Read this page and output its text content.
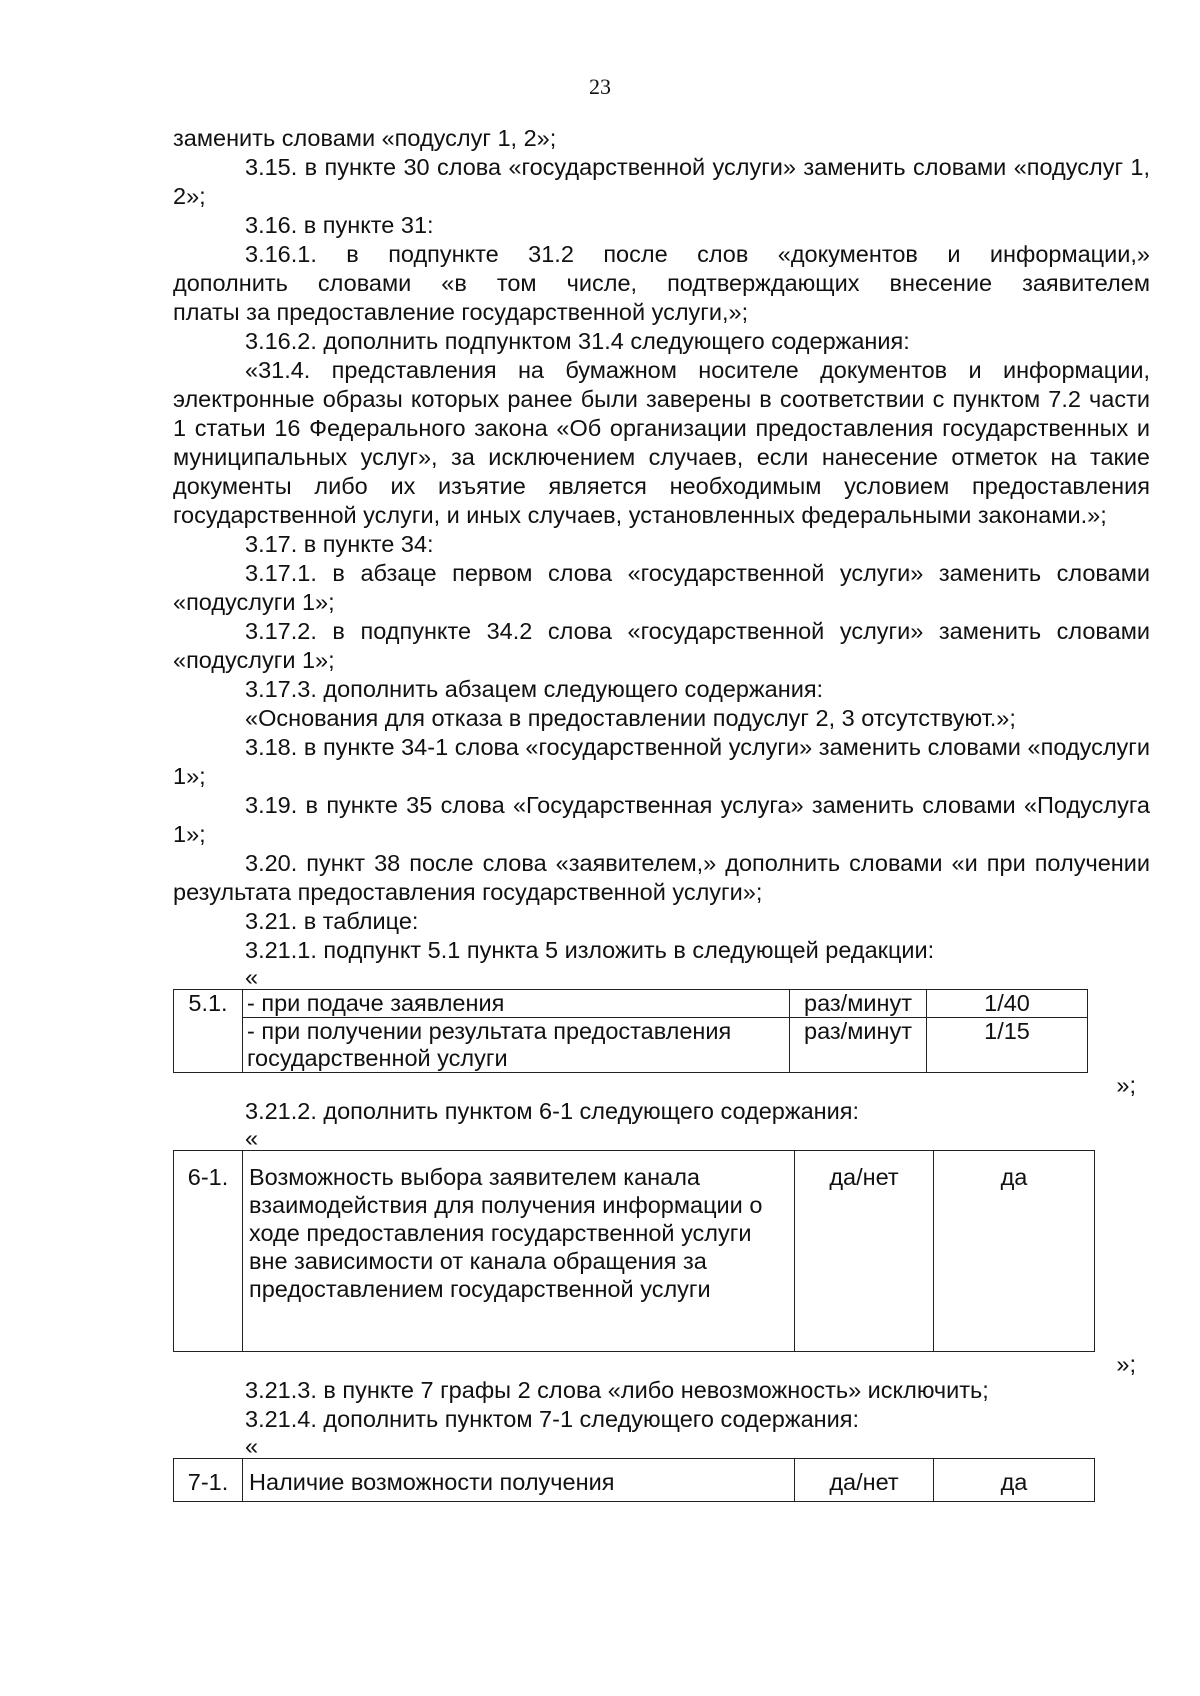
23

заменить словами «подуслуг 1, 2»;

3.15. в пункте 30 слова «государственной услуги» заменить словами «подуслуг 1, 2»;

3.16. в пункте 31:

3.16.1. в подпункте 31.2 после слов «документов и информации,»

дополнить словами «в том числе, подтверждающих внесение заявителем

платы за предоставление государственной услуги,»;

3.16.2. дополнить подпунктом 31.4 следующего содержания:

«31.4. представления на бумажном носителе документов и информации, электронные образы которых ранее были заверены в соответствии с пунктом 7.2 части 1 статьи 16 Федерального закона «Об организации предоставления государственных и муниципальных услуг», за исключением случаев, если нанесение отметок на такие документы либо их изъятие является необходимым условием предоставления государственной услуги, и иных случаев, установленных федеральными законами.»;

3.17. в пункте 34:

3.17.1. в абзаце первом слова «государственной услуги» заменить словами «подуслуги 1»;

3.17.2. в подпункте 34.2 слова «государственной услуги» заменить словами «подуслуги 1»;

3.17.3. дополнить абзацем следующего содержания:

«Основания для отказа в предоставлении подуслуг 2, 3 отсутствуют.»;

3.18. в пункте 34-1 слова «государственной услуги» заменить словами «подуслуги 1»;

3.19. в пункте 35 слова «Государственная услуга» заменить словами «Подуслуга 1»;

3.20. пункт 38 после слова «заявителем,» дополнить словами «и при получении результата предоставления государственной услуги»;

3.21. в таблице:

3.21.1. подпункт 5.1 пункта 5 изложить в следующей редакции:

«

5.1.	- при подаче заявления	раз/минут	1/40
	- при получении результата предоставления государственной услуги	раз/минут	1/15

»;

3.21.2. дополнить пунктом 6-1 следующего содержания:

«

6-1.	Возможность выбора заявителем канала взаимодействия для получения информации о ходе предоставления государственной услуги вне зависимости от канала обращения за предоставлением государственной услуги	да/нет	да

»;

3.21.3. в пункте 7 графы 2 слова «либо невозможность» исключить;

3.21.4. дополнить пунктом 7-1 следующего содержания:

«

7-1.	Наличие возможности получения	да/нет	да
